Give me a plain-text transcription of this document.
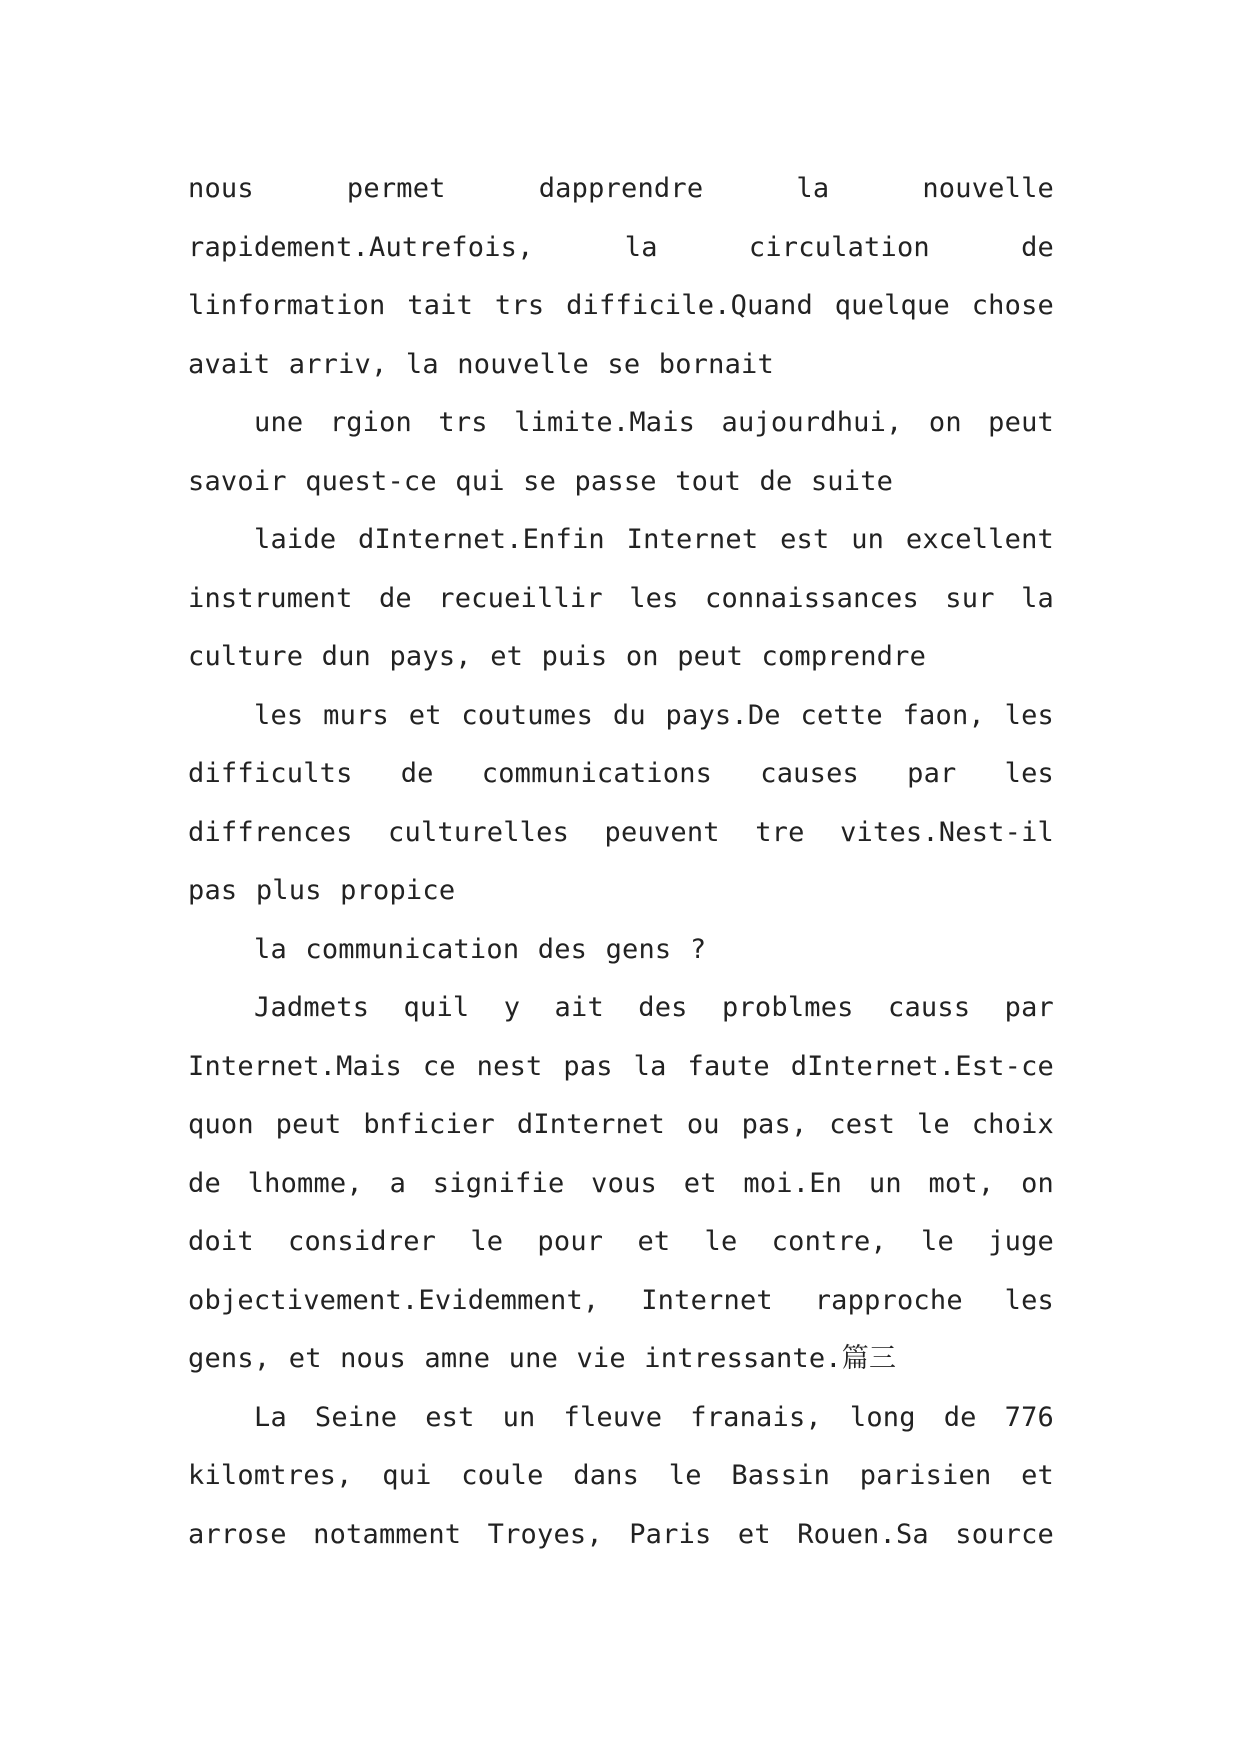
nous permet dapprendre la nouvelle
rapidement.Autrefois, la circulation de
linformation tait trs difficile.Quand quelque chose
avait arriv, la nouvelle se bornait

une rgion trs limite.Mais aujourdhui, on peut
savoir quest-ce qui se passe tout de suite

laide dInternet.Enfin Internet est un excellent
instrument de recueillir les connaissances sur la
culture dun pays, et puis on peut comprendre

les murs et coutumes du pays.De cette faon, les
difficults de communications causes par les
diffrences culturelles peuvent tre vites.Nest-il
pas plus propice

la communication des gens ?

Jadmets quil y ait des problmes causs par
Internet.Mais ce nest pas la faute dInternet.Est-ce
quon peut bnficier dInternet ou pas, cest le choix
de lhomme, a signifie vous et moi.En un mot, on
doit considrer le pour et le contre, le juge
objectivement.Evidemment, Internet rapproche les
gens, et nous amne une vie intressante.篇三

La Seine est un fleuve franais, long de 776
kilomtres, qui coule dans le Bassin parisien et
arrose notamment Troyes, Paris et Rouen.Sa source
